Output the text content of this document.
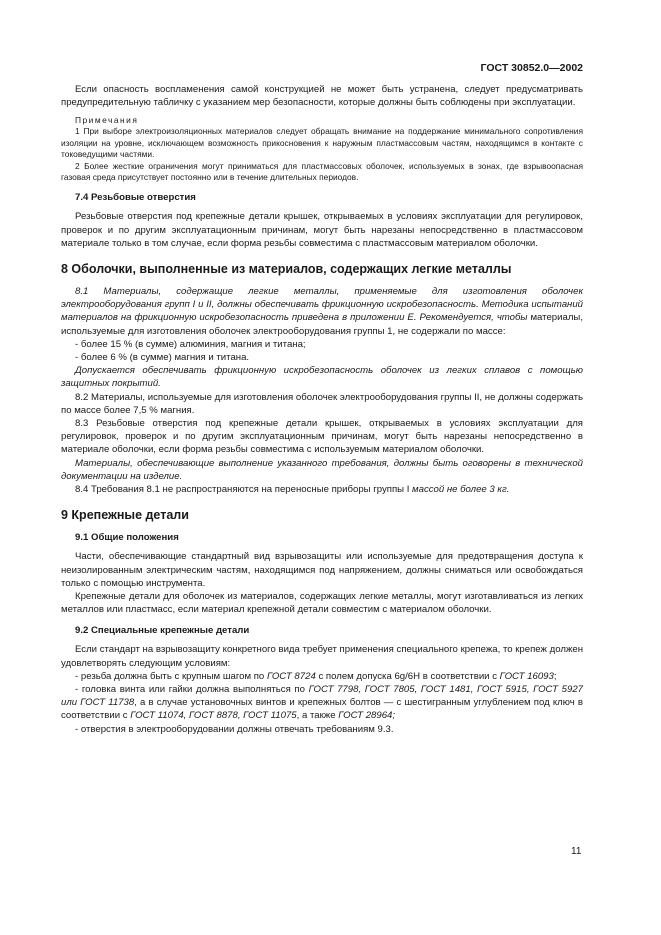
ГОСТ 30852.0—2002

Если опасность воспламенения самой конструкцией не может быть устранена, следует предусматривать предупредительную табличку с указанием мер безопасности, которые должны быть соблюдены при эксплуатации.

Примечания

1 При выборе электроизоляционных материалов следует обращать внимание на поддержание минимального сопротивления изоляции на уровне, исключающем возможность прикосновения к наружным пластмассовым частям, находящимся в контакте с токоведущими частями.

2 Более жесткие ограничения могут приниматься для пластмассовых оболочек, используемых в зонах, где взрывоопасная газовая среда присутствует постоянно или в течение длительных периодов.

7.4 Резьбовые отверстия

Резьбовые отверстия под крепежные детали крышек, открываемых в условиях эксплуатации для регулировок, проверок и по другим эксплуатационным причинам, могут быть нарезаны непосредственно в пластмассовом материале только в том случае, если форма резьбы совместима с пластмассовым материалом оболочки.

8 Оболочки, выполненные из материалов, содержащих легкие металлы

8.1 Материалы, содержащие легкие металлы, применяемые для изготовления оболочек электрооборудования групп I и II, должны обеспечивать фрикционную искробезопасность. Методика испытаний материалов на фрикционную искробезопасность приведена в приложении Е. Рекомендуется, чтобы материалы, используемые для изготовления оболочек электрооборудования группы 1, не содержали по массе:

- более 15 % (в сумме) алюминия, магния и титана;

- более 6 % (в сумме) магния и титана.

Допускается обеспечивать фрикционную искробезопасность оболочек из легких сплавов с помощью защитных покрытий.

8.2 Материалы, используемые для изготовления оболочек электрооборудования группы II, не должны содержать по массе более 7,5 % магния.

8.3 Резьбовые отверстия под крепежные детали крышек, открываемых в условиях эксплуатации для регулировок, проверок и по другим эксплуатационным причинам, могут быть нарезаны непосредственно в материале оболочки, если форма резьбы совместима с используемым материалом оболочки.

Материалы, обеспечивающие выполнение указанного требования, должны быть оговорены в технической документации на изделие.

8.4 Требования 8.1 не распространяются на переносные приборы группы I массой не более 3 кг.

9 Крепежные детали
9.1 Общие положения

Части, обеспечивающие стандартный вид взрывозащиты или используемые для предотвращения доступа к неизолированным электрическим частям, находящимся под напряжением, должны сниматься или освобождаться только с помощью инструмента.

Крепежные детали для оболочек из материалов, содержащих легкие металлы, могут изготавливаться из легких металлов или пластмасс, если материал крепежной детали совместим с материалом оболочки.

9.2 Специальные крепежные детали

Если стандарт на взрывозащиту конкретного вида требует применения специального крепежа, то крепеж должен удовлетворять следующим условиям:

- резьба должна быть с крупным шагом по ГОСТ 8724 с полем допуска 6g/6H в соответствии с ГОСТ 16093;

- головка винта или гайки должна выполняться по ГОСТ 7798, ГОСТ 7805, ГОСТ 1481, ГОСТ 5915, ГОСТ 5927 или ГОСТ 11738, а в случае установочных винтов и крепежных болтов — с шестигранным углублением под ключ в соответствии с ГОСТ 11074, ГОСТ 8878, ГОСТ 11075, а также ГОСТ 28964;

- отверстия в электрооборудовании должны отвечать требованиям 9.3.

11
